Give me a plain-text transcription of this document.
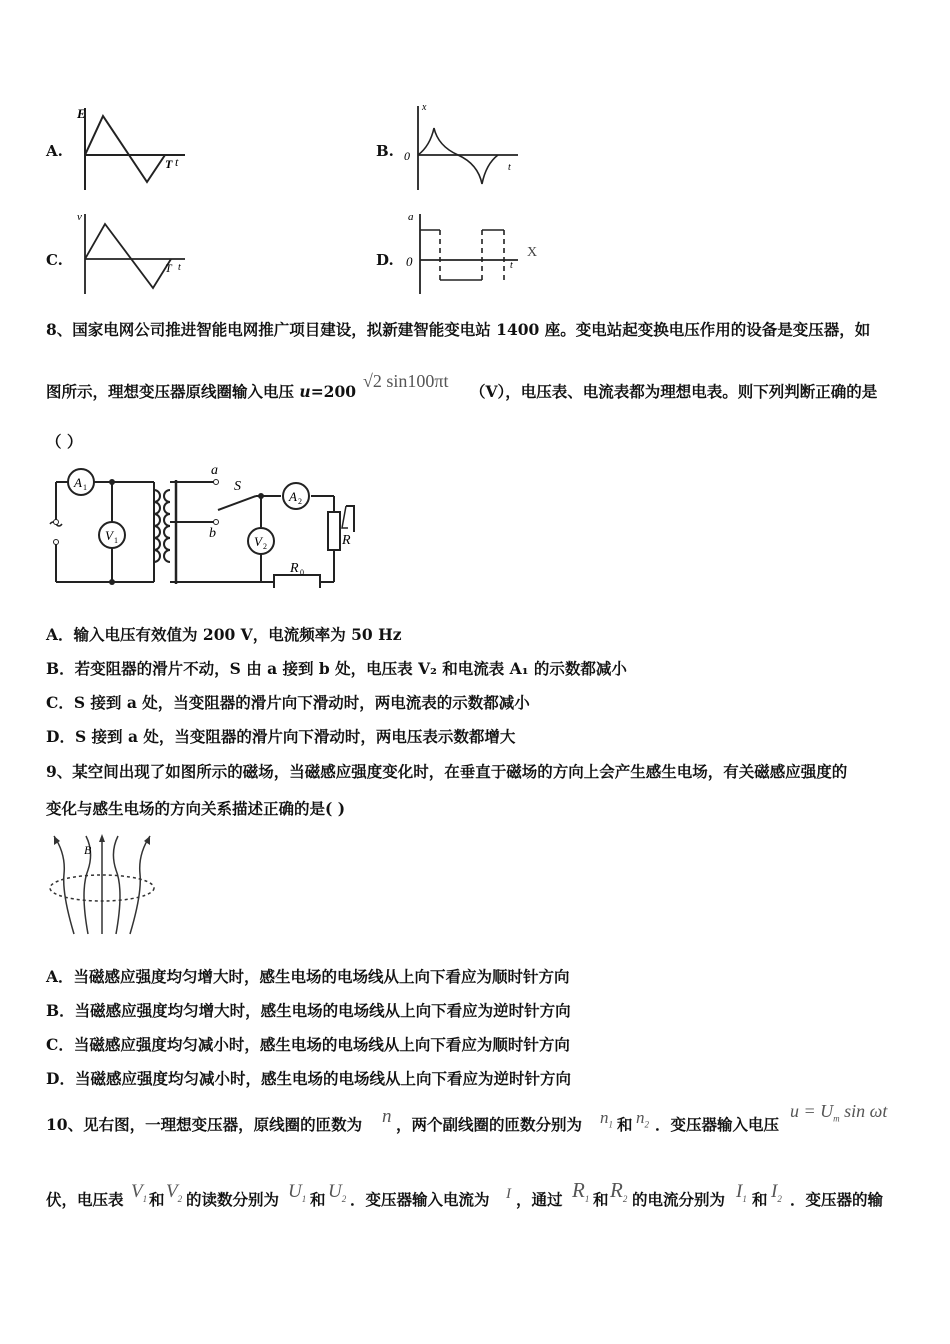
A.
E
T t
B.
x
0
t
C.
v
T t	D.
a
0	t
X
8、国家电网公司推进智能电网推广项目建设，拟新建智能变电站 1400 座。变电站起变换电压作用的设备是变压器，如
图所示，理想变压器原线圈输入电压 u=200
√2 sin100πt
（V），电压表、电流表都为理想电表。则下列判断正确的是
（ ）
A 1
V 1
A 2
V 2
a
b
S
R
R 0
A．输入电压有效值为 200 V，电流频率为 50 Hz
B．若变阻器的滑片不动，S 由 a 接到 b 处，电压表 V₂ 和电流表 A₁ 的示数都减小
C．S 接到 a 处，当变阻器的滑片向下滑动时，两电流表的示数都减小
D．S 接到 a 处，当变阻器的滑片向下滑动时，两电压表示数都增大
9、某空间出现了如图所示的磁场，当磁感应强度变化时，在垂直于磁场的方向上会产生感生电场，有关磁感应强度的
变化与感生电场的方向关系描述正确的是( )
B
A．当磁感应强度均匀增大时，感生电场的电场线从上向下看应为顺时针方向
B．当磁感应强度均匀增大时，感生电场的电场线从上向下看应为逆时针方向
C．当磁感应强度均匀减小时，感生电场的电场线从上向下看应为顺时针方向
D．当磁感应强度均匀减小时，感生电场的电场线从上向下看应为逆时针方向
10、见右图，一理想变压器，原线圈的匝数为 n ，两个副线圈的匝数分别为 $n_1$ 和 $n_2$ ．变压器输入电压
$u = U_m$ sin ωt
伏，电压表 $V_1$ 和 $V_2$ 的读数分别为 $U_1$ 和 $U_2$ ．变压器输入电流为 I ，通过 $R_1$ 和 $R_2$ 的电流分别为 $I_1$ 和 $I_2$ ．变压器的输
